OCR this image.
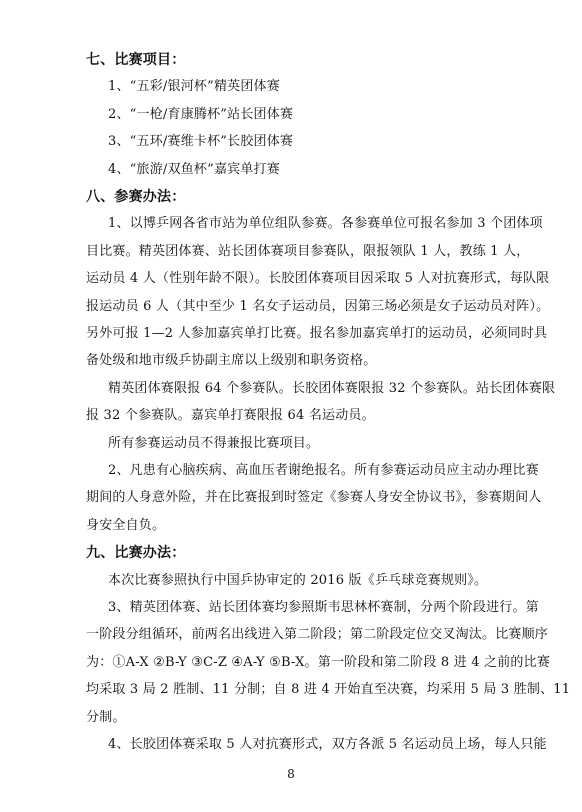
七、比赛项目：
1、“五彩/银河杯”精英团体赛
2、“一枪/育康腾杯”站长团体赛
3、“五环/赛维卡杯”长胶团体赛
4、“旅游/双鱼杯”嘉宾单打赛
八、参赛办法：
1、以博乒网各省市站为单位组队参赛。各参赛单位可报名参加 3 个团体项
目比赛。精英团体赛、站长团体赛项目参赛队，限报领队 1 人，教练 1 人，
运动员 4 人（性别年龄不限）。长胶团体赛项目因采取 5 人对抗赛形式，每队限
报运动员 6 人（其中至少 1 名女子运动员，因第三场必须是女子运动员对阵）。
另外可报 1—2 人参加嘉宾单打比赛。报名参加嘉宾单打的运动员，必须同时具
备处级和地市级乒协副主席以上级别和职务资格。
精英团体赛限报 64 个参赛队。长胶团体赛限报 32 个参赛队。站长团体赛限
报 32 个参赛队。嘉宾单打赛限报 64 名运动员。
所有参赛运动员不得兼报比赛项目。
2、凡患有心脑疾病、高血压者谢绝报名。所有参赛运动员应主动办理比赛
期间的人身意外险，并在比赛报到时签定《参赛人身安全协议书》，参赛期间人
身安全自负。
九、比赛办法：
本次比赛参照执行中国乒协审定的 2016 版《乒乓球竞赛规则》。
3、精英团体赛、站长团体赛均参照斯韦思林杯赛制，分两个阶段进行。第
一阶段分组循环，前两名出线进入第二阶段；第二阶段定位交叉淘汰。比赛顺序
为：①A-X ②B-Y ③C-Z ④A-Y ⑤B-X。第一阶段和第二阶段 8 进 4 之前的比赛
均采取 3 局 2 胜制、11 分制；自 8 进 4 开始直至决赛，均采用 5 局 3 胜制、11
分制。
4、长胶团体赛采取 5 人对抗赛形式，双方各派 5 名运动员上场，每人只能
8
